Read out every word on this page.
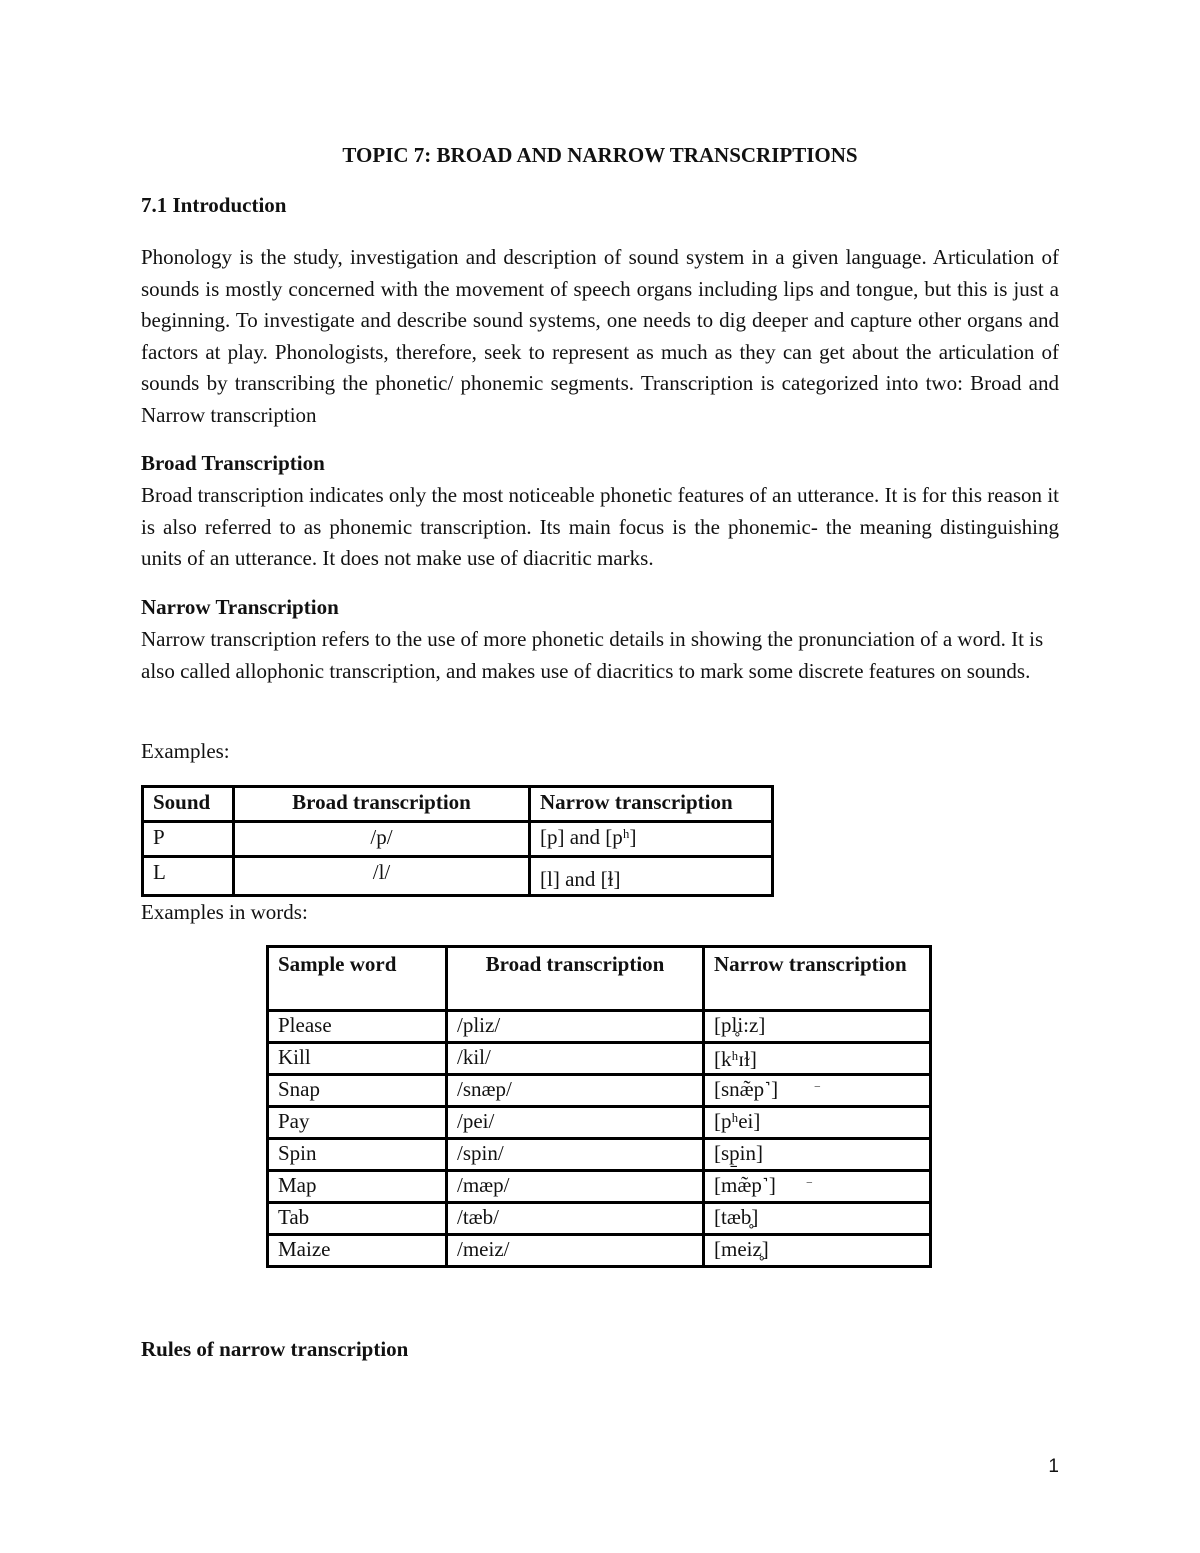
TOPIC 7: BROAD AND NARROW TRANSCRIPTIONS
7.1 Introduction
Phonology is the study, investigation and description of sound system in a given language. Articulation of sounds is mostly concerned with the movement of speech organs including lips and tongue, but this is just a beginning. To investigate and describe sound systems, one needs to dig deeper and capture other organs and factors at play. Phonologists, therefore, seek to represent as much as they can get about the articulation of sounds by transcribing the phonetic/ phonemic segments. Transcription is categorized into two: Broad and Narrow transcription
Broad Transcription
Broad transcription indicates only the most noticeable phonetic features of an utterance. It is for this reason it is also referred to as phonemic transcription. Its main focus is the phonemic- the meaning distinguishing units of an utterance. It does not make use of diacritic marks.
Narrow Transcription
Narrow transcription refers to the use of more phonetic details in showing the pronunciation of a word. It is also called allophonic transcription, and makes use of diacritics to mark some discrete features on sounds.
Examples:
Sound	Broad transcription	Narrow transcription
P	/p/	[p] and [pʰ]
L	/l/	[l] and [ɫ]
Examples in words:
Sample word	Broad transcription	Narrow transcription
Please	/pliz/	[pl̥i:z]
Kill	/kil/	[kʰɪɫ]
Snap	/snæp/	[snæ̃p˺]
Pay	/pei/	[pʰei]
Spin	/spin/	[sp̱in]
Map	/mæp/	[mæ̃p˺]
Tab	/tæb/	[tæb̥]
Maize	/meiz/	[meiz̥]
‾
‾
Rules of narrow transcription
1
